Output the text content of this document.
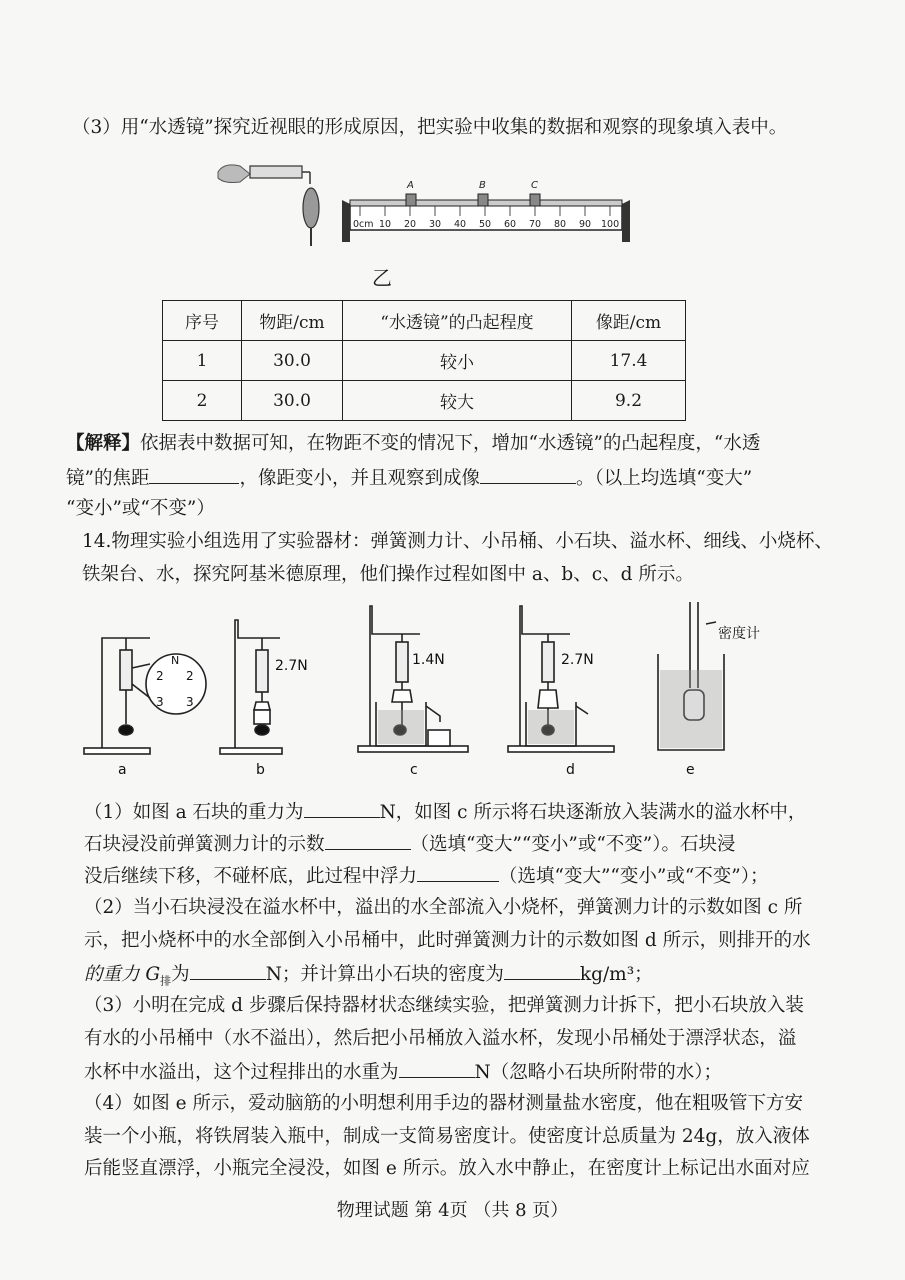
（3）用“水透镜”探究近视眼的形成原因，把实验中收集的数据和观察的现象填入表中。
A	B	C
0cm 10 20 30 40 50 60 70 80 90 100
乙
序号	物距/cm	“水透镜”的凸起程度	像距/cm
1	30.0	较小	17.4
2	30.0	较大	9.2
【解释】依据表中数据可知，在物距不变的情况下，增加“水透镜”的凸起程度，“水透
镜”的焦距	，像距变小，并且观察到成像	。（以上均选填“变大”
“变小”或“不变”）
14.物理实验小组选用了实验器材：弹簧测力计、小吊桶、小石块、溢水杯、细线、小烧杯、
铁架台、水，探究阿基米德原理，他们操作过程如图中 a、b、c、d 所示。
2.7N	1.4N	2.7N
密度计
N
2 2
3 3
a	b	c	d	e
（1）如图 a 石块的重力为	N，如图 c 所示将石块逐渐放入装满水的溢水杯中，
石块浸没前弹簧测力计的示数	（选填“变大”“变小”或“不变”）。石块浸
没后继续下移，不碰杯底，此过程中浮力	（选填“变大”“变小”或“不变”）；
（2）当小石块浸没在溢水杯中，溢出的水全部流入小烧杯，弹簧测力计的示数如图 c 所
示，把小烧杯中的水全部倒入小吊桶中，此时弹簧测力计的示数如图 d 所示，则排开的水
的重力 $G_排$为	N；并计算出小石块的密度为	kg/m³；
（3）小明在完成 d 步骤后保持器材状态继续实验，把弹簧测力计拆下，把小石块放入装
有水的小吊桶中（水不溢出），然后把小吊桶放入溢水杯，发现小吊桶处于漂浮状态，溢
水杯中水溢出，这个过程排出的水重为	N（忽略小石块所附带的水）；
（4）如图 e 所示，爱动脑筋的小明想利用手边的器材测量盐水密度，他在粗吸管下方安
装一个小瓶，将铁屑装入瓶中，制成一支简易密度计。使密度计总质量为 24g，放入液体
后能竖直漂浮，小瓶完全浸没，如图 e 所示。放入水中静止，在密度计上标记出水面对应
物理试题 第 4页 （共 8 页）
